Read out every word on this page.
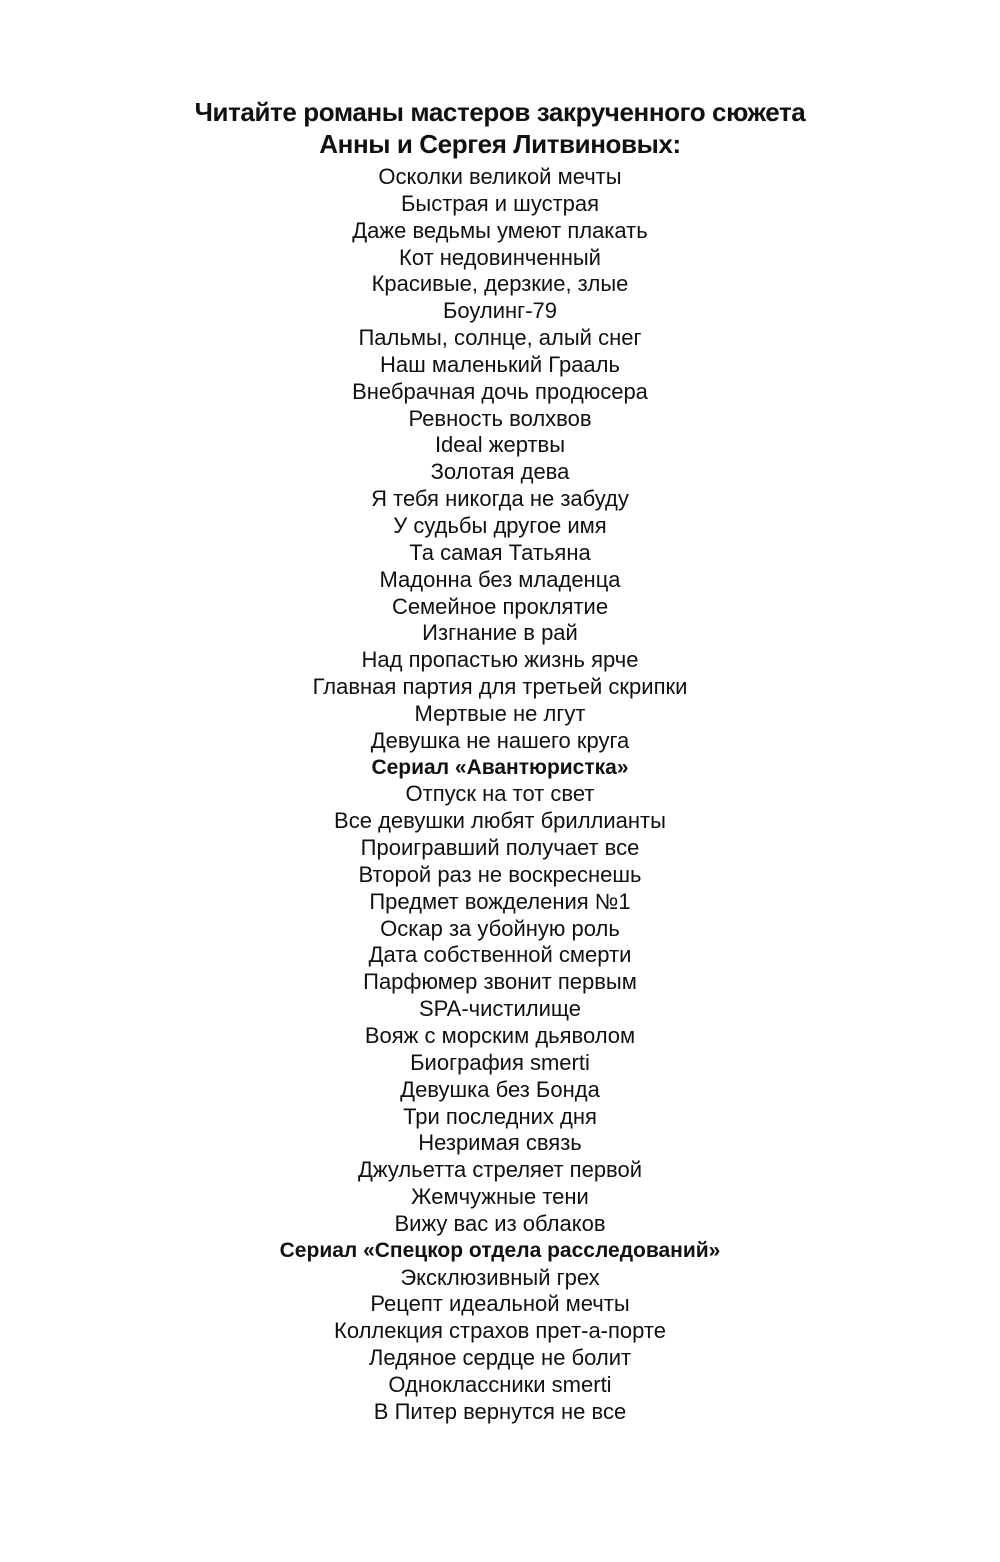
Читайте романы мастеров закрученного сюжета
Анны и Сергея Литвиновых:
Осколки великой мечты
Быстрая и шустрая
Даже ведьмы умеют плакать
Кот недовинченный
Красивые, дерзкие, злые
Боулинг-79
Пальмы, солнце, алый снег
Наш маленький Грааль
Внебрачная дочь продюсера
Ревность волхвов
Ideal жертвы
Золотая дева
Я тебя никогда не забуду
У судьбы другое имя
Та самая Татьяна
Мадонна без младенца
Семейное проклятие
Изгнание в рай
Над пропастью жизнь ярче
Главная партия для третьей скрипки
Мертвые не лгут
Девушка не нашего круга
Сериал «Авантюристка»
Отпуск на тот свет
Все девушки любят бриллианты
Проигравший получает все
Второй раз не воскреснешь
Предмет вожделения №1
Оскар за убойную роль
Дата собственной смерти
Парфюмер звонит первым
SPA-чистилище
Вояж с морским дьяволом
Биография smerti
Девушка без Бонда
Три последних дня
Незримая связь
Джульетта стреляет первой
Жемчужные тени
Вижу вас из облаков
Сериал «Спецкор отдела расследований»
Эксклюзивный грех
Рецепт идеальной мечты
Коллекция страхов прет-а-порте
Ледяное сердце не болит
Одноклассники smerti
В Питер вернутся не все
